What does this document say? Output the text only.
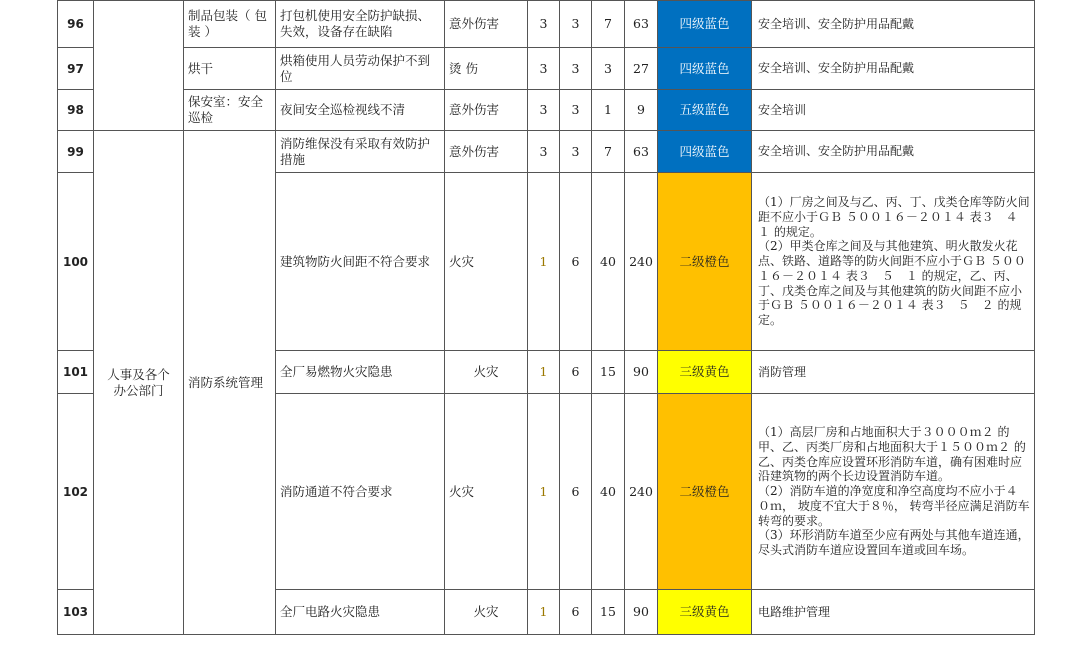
96		制品包装（ 包装 ）	打包机使用安全防护缺损、失效，设备存在缺陷	意外伤害	3	3	7	63	四级蓝色	安全培训、安全防护用品配戴
97		烘干	烘箱使用人员劳动保护不到位	烫 伤	3	3	3	27	四级蓝色	安全培训、安全防护用品配戴
98		保安室：安全巡检	夜间安全巡检视线不清	意外伤害	3	3	1	9	五级蓝色	安全培训
99	人事及各个办公部门	消防系统管理	消防维保没有采取有效防护措施	意外伤害	3	3	7	63	四级蓝色	安全培训、安全防护用品配戴
100			建筑物防火间距不符合要求	火灾	1	6	40	240	二级橙色	（1）厂房之间及与乙、丙、丁、戊类仓库等防火间距不应小于ＧＢ ５００１６－２０１４ 表３　４　１ 的规定。

（2）甲类仓库之间及与其他建筑、明火散发火花点、铁路、道路等的防火间距不应小于ＧＢ ５００１６－２０１４ 表３　５　１ 的规定，乙、丙、丁、戊类仓库之间及与其他建筑的防火间距不应小于ＧＢ ５００１６－２０１４ 表３　５　２ 的规定。

101			全厂易燃物火灾隐患	火灾	1	6	15	90	三级黄色	消防管理
102			消防通道不符合要求	火灾	1	6	40	240	二级橙色	（1）高层厂房和占地面积大于３０００ｍ２ 的甲、乙、丙类厂房和占地面积大于１５００ｍ２ 的乙、丙类仓库应设置环形消防车道，确有困难时应沿建筑物的两个长边设置消防车道。

（2）消防车道的净宽度和净空高度均不应小于４　０ｍ， 坡度不宜大于８％， 转弯半径应满足消防车转弯的要求。

（3）环形消防车道至少应有两处与其他车道连通， 尽头式消防车道应设置回车道或回车场。

103			全厂电路火灾隐患	火灾	1	6	15	90	三级黄色	电路维护管理
